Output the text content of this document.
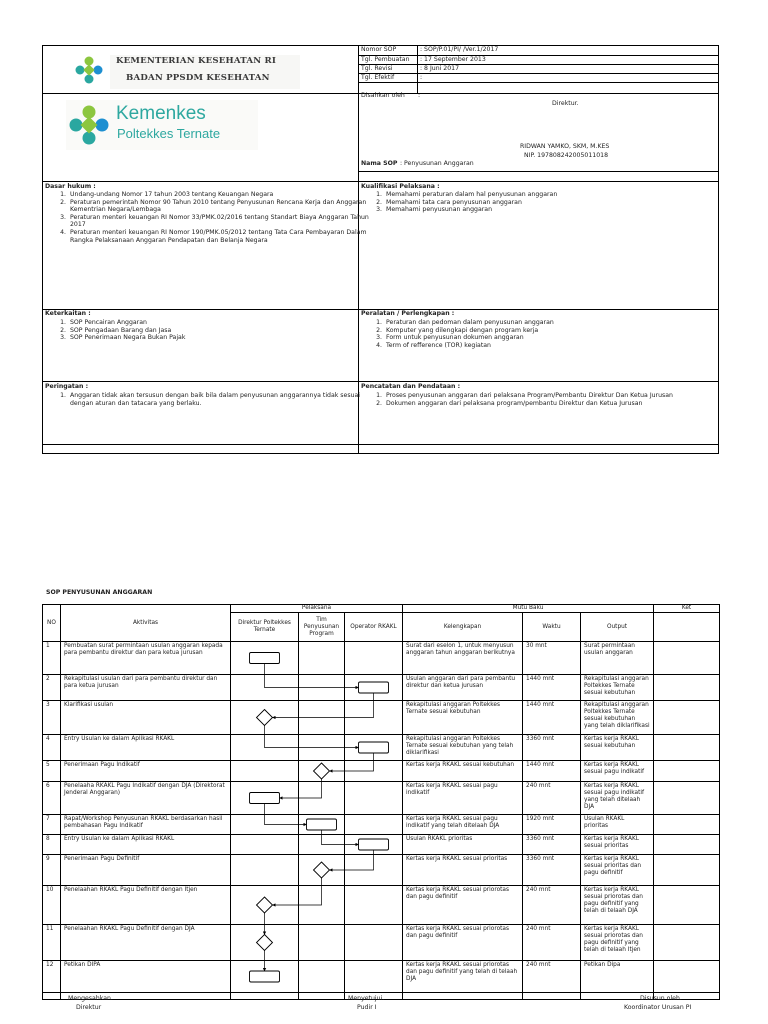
KEMENTERIAN KESEHATAN RI
BADAN PPSDM KESEHATAN
Kemenkes
Poltekkes Ternate
Nomor SOP	: SOP/P.01/PI/ /Ver.1/2017
Tgl. Pembuatan : 17 September 2013
Tgl. Revisi	: 8 Juni 2017
Tgl. Efektif	:
Disahkan oleh :
Direktur.
RIDWAN YAMKO, SKM, M.KES
NIP. 197808242005011018
Nama SOP : Penyusunan Anggaran
Dasar hukum :
1. Undang-undang Nomor 17 tahun 2003 tentang Keuangan Negara
2. Peraturan pemerintah Nomor 90 Tahun 2010 tentang Penyusunan Rencana Kerja dan Anggaran Kementrian Negara/Lembaga
3. Peraturan menteri keuangan RI Nomor 33/PMK.02/2016 tentang Standart Biaya Anggaran Tahun 2017
4. Peraturan menteri keuangan RI Nomor 190/PMK.05/2012 tentang Tata Cara Pembayaran Dalam Rangka Pelaksanaan Anggaran Pendapatan dan Belanja Negara
Kualifikasi Pelaksana :
1. Memahami peraturan dalam hal penyusunan anggaran
2. Memahami tata cara penyusunan anggaran
3. Memahami penyusunan anggaran
Keterkaitan :
1. SOP Pencairan Anggaran
2. SOP Pengadaan Barang dan Jasa
3. SOP Penerimaan Negara Bukan Pajak
Peralatan / Perlengkapan :
1. Peraturan dan pedoman dalam penyusunan anggaran
2. Komputer yang dilengkapi dengan program kerja
3. Form untuk penyusunan dokumen anggaran
4. Term of refference (TOR) kegiatan
Peringatan :
1. Anggaran tidak akan tersusun dengan baik bila dalam penyusunan anggarannya tidak sesuai dengan aturan dan tatacara yang berlaku.
Pencatatan dan Pendataan :
1. Proses penyusunan anggaran dari pelaksana Program/Pembantu Direktur Dan Ketua Jurusan
2. Dokumen anggaran dari pelaksana program/pembantu Direktur dan Ketua Jurusan
SOP PENYUSUNAN ANGGARAN
NO	Aktivitas	Pelaksana			Mutu Baku			Ket
		Direktur Poltekkes Ternate	Tim Penyusunan Program	Operator RKAKL	Kelengkapan	Waktu	Output	
1	Pembuatan surat permintaan usulan anggaran kepada para pembantu direktur dan para ketua jurusan				Surat dari eselon 1, untuk menyusun anggaran tahun anggaran berikutnya	30 mnt	Surat permintaan usulan anggaran	
2	Rekapitulasi usulan dari para pembantu direktur dan para ketua jurusan				Usulan anggaran dari para pembantu direktur dan ketua jurusan	1440 mnt	Rekapitulasi anggaran Poltekkes Ternate sesuai kebutuhan	
3	Klarifikasi usulan				Rekapitulasi anggaran Poltekkes Ternate sesuai kebutuhan	1440 mnt	Rekapitulasi anggaran Poltekkes Ternate sesuai kebutuhan yang telah diklarifikasi	
4	Entry Usulan ke dalam Aplikasi RKAKL				Rekapitulasi anggaran Poltekkes Ternate sesuai kebutuhan yang telah diklarifikasi	3360 mnt	Kertas kerja RKAKL sesuai kebutuhan	
5	Penerimaan Pagu Indikatif				Kertas kerja RKAKL sesuai kebutuhan	1440 mnt	Kertas kerja RKAKL sesuai pagu indikatif	
6	Penelaaha RKAKL Pagu Indikatif dengan DJA (Direktorat Jenderal Anggaran)				Kertas kerja RKAKL sesuai pagu indikatif	240 mnt	Kertas kerja RKAKL sesuai pagu indikatif yang telah ditelaah DJA	
7	Rapat/Workshop Penyusunan RKAKL berdasarkan hasil pembahasan Pagu Indikatif				Kertas kerja RKAKL sesuai pagu indikatif yang telah ditelaah DJA	1920 mnt	Usulan RKAKL prioritas	
8	Entry Usulan ke dalam Aplikasi RKAKL				Usulan RKAKL prioritas	3360 mnt	Kertas kerja RKAKL sesuai prioritas	
9	Penerimaan Pagu Definitif				Kertas kerja RKAKL sesuai prioritas	3360 mnt	Kertas kerja RKAKL sesuai prioritas dan pagu definitif	
10	Penelaahan RKAKL Pagu Definitif dengan Itjen				Kertas kerja RKAKL sesuai priorotas dan pagu definitif	240 mnt	Kertas kerja RKAKL sesuai priorotas dan pagu definitif yang telah di telaah DJA	
11	Penelaahan RKAKL Pagu Definitif dengan DJA				Kertas kerja RKAKL sesuai priorotas dan pagu definitif	240 mnt	Kertas kerja RKAKL sesuai priorotas dan pagu definitif yang telah di telaah Itjen	
12	Petikan DIPA				Kertas kerja RKAKL sesuai priorotas dan pagu definitif yang telah di telaah DJA	240 mnt	Petikan Dipa	

Mengesahkan.
Direktur
Menyetujui.
Pudir I
Disusun oleh.
Koordinator Urusan PI
